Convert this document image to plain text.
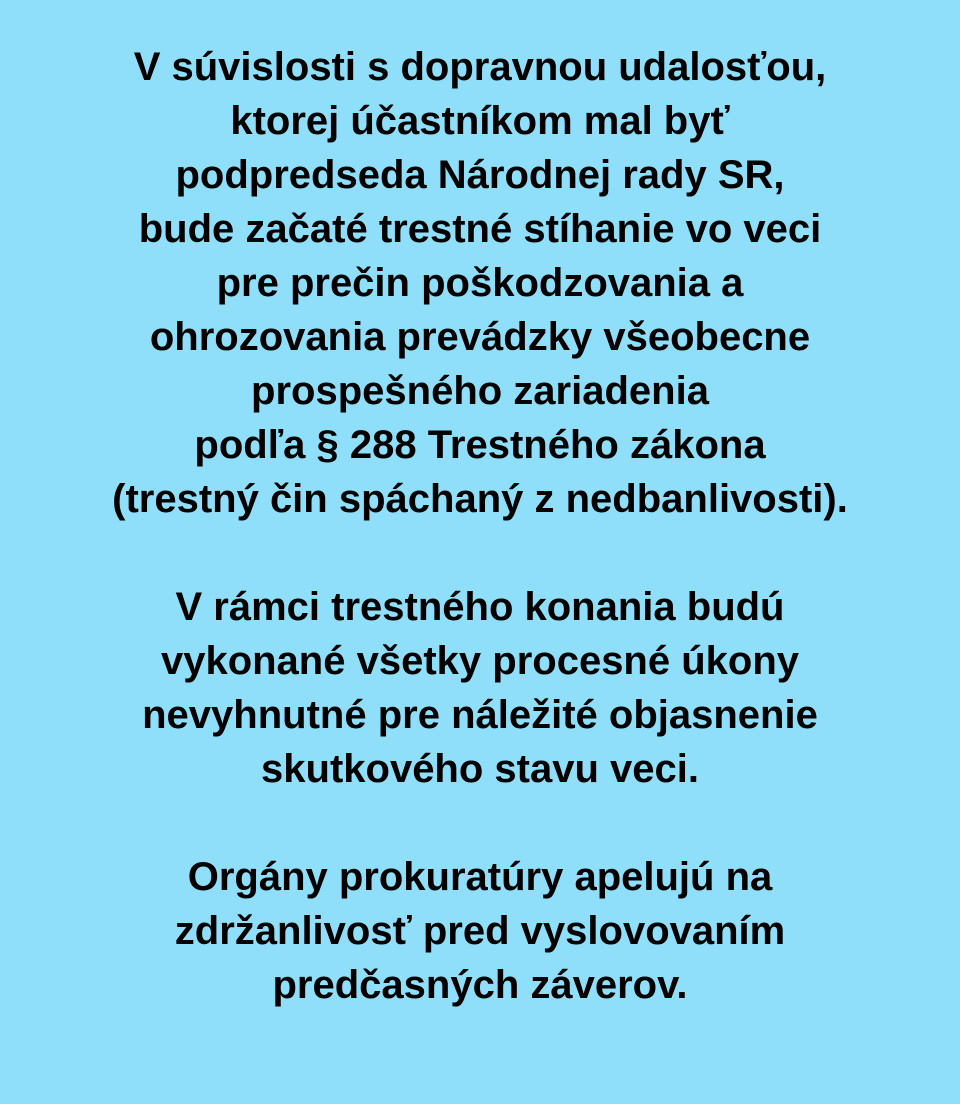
V súvislosti s dopravnou udalosťou,
ktorej účastníkom mal byť
podpredseda Národnej rady SR,
bude začaté trestné stíhanie vo veci
pre prečin poškodzovania a
ohrozovania prevádzky všeobecne
prospešného zariadenia
podľa § 288 Trestného zákona
(trestný čin spáchaný z nedbanlivosti).
V rámci trestného konania budú
vykonané všetky procesné úkony
nevyhnutné pre náležité objasnenie
skutkového stavu veci.
Orgány prokuratúry apelujú na
zdržanlivosť pred vyslovovaním
predčasných záverov.
